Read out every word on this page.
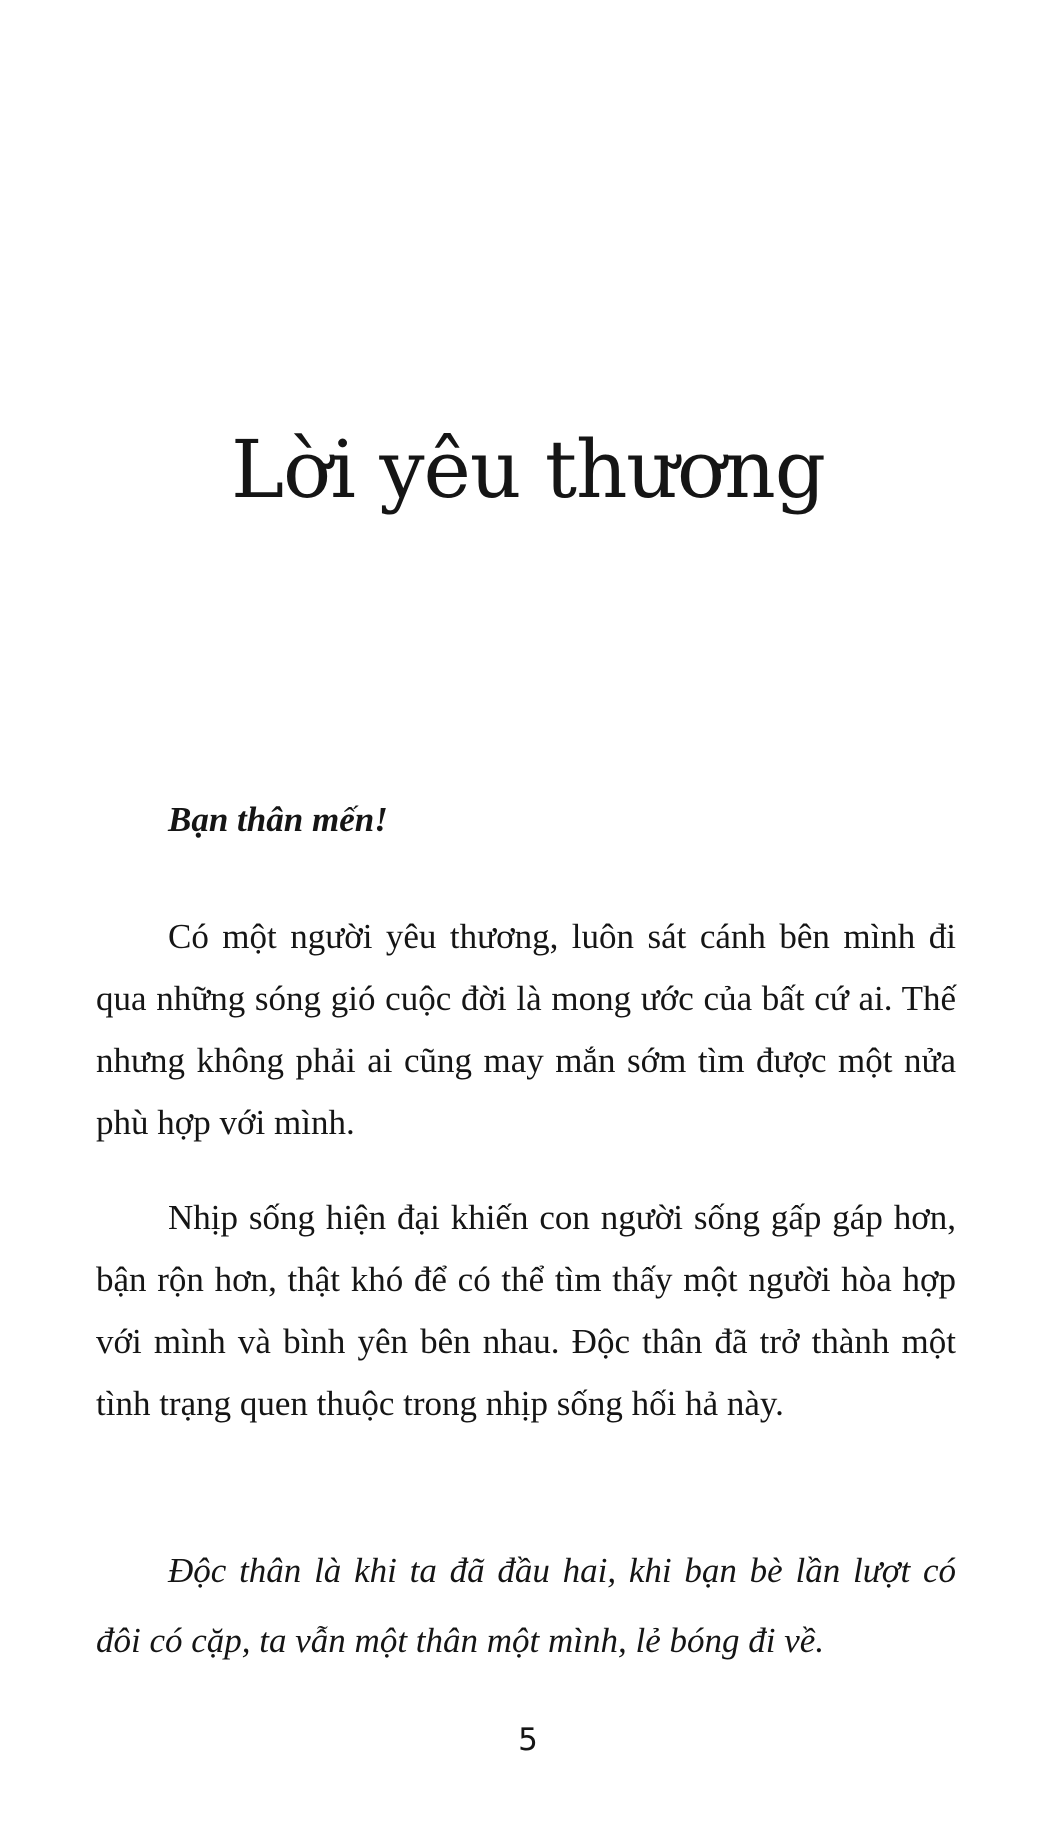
Lời yêu thương
Bạn thân mến!

Có một người yêu thương, luôn sát cánh bên mình đi qua những sóng gió cuộc đời là mong ước của bất cứ ai. Thế nhưng không phải ai cũng may mắn sớm tìm được một nửa phù hợp với mình.

Nhịp sống hiện đại khiến con người sống gấp gáp hơn, bận rộn hơn, thật khó để có thể tìm thấy một người hòa hợp với mình và bình yên bên nhau. Độc thân đã trở thành một tình trạng quen thuộc trong nhịp sống hối hả này.

Độc thân là khi ta đã đầu hai, khi bạn bè lần lượt có đôi có cặp, ta vẫn một thân một mình, lẻ bóng đi về.

5
